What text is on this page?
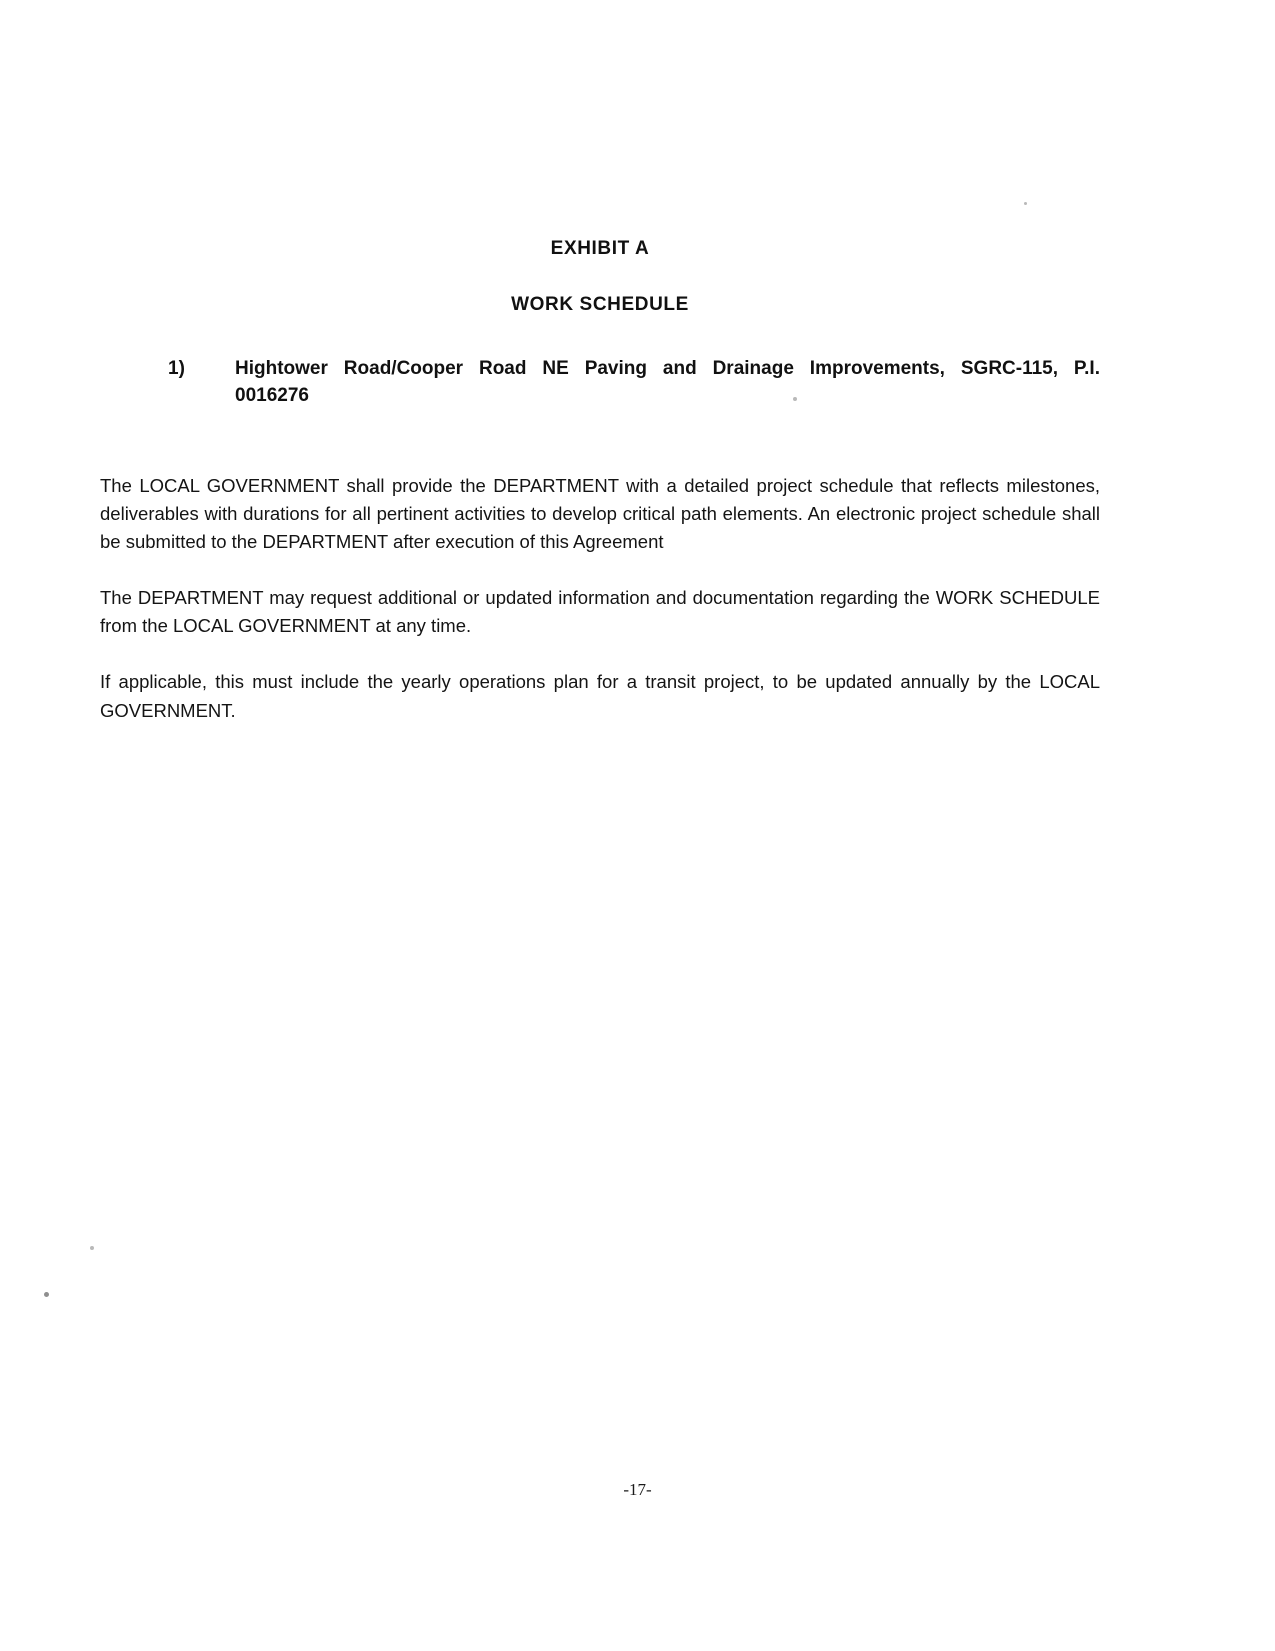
EXHIBIT A
WORK SCHEDULE
1)	Hightower Road/Cooper Road NE Paving and Drainage Improvements, SGRC-115, P.I.
0016276

The LOCAL GOVERNMENT shall provide the DEPARTMENT with a detailed project schedule that reflects milestones, deliverables with durations for all pertinent activities to develop critical path elements. An electronic project schedule shall be submitted to the DEPARTMENT after execution of this Agreement

The DEPARTMENT may request additional or updated information and documentation regarding the WORK SCHEDULE from the LOCAL GOVERNMENT at any time.

If applicable, this must include the yearly operations plan for a transit project, to be updated annually by the LOCAL GOVERNMENT.

-17-
